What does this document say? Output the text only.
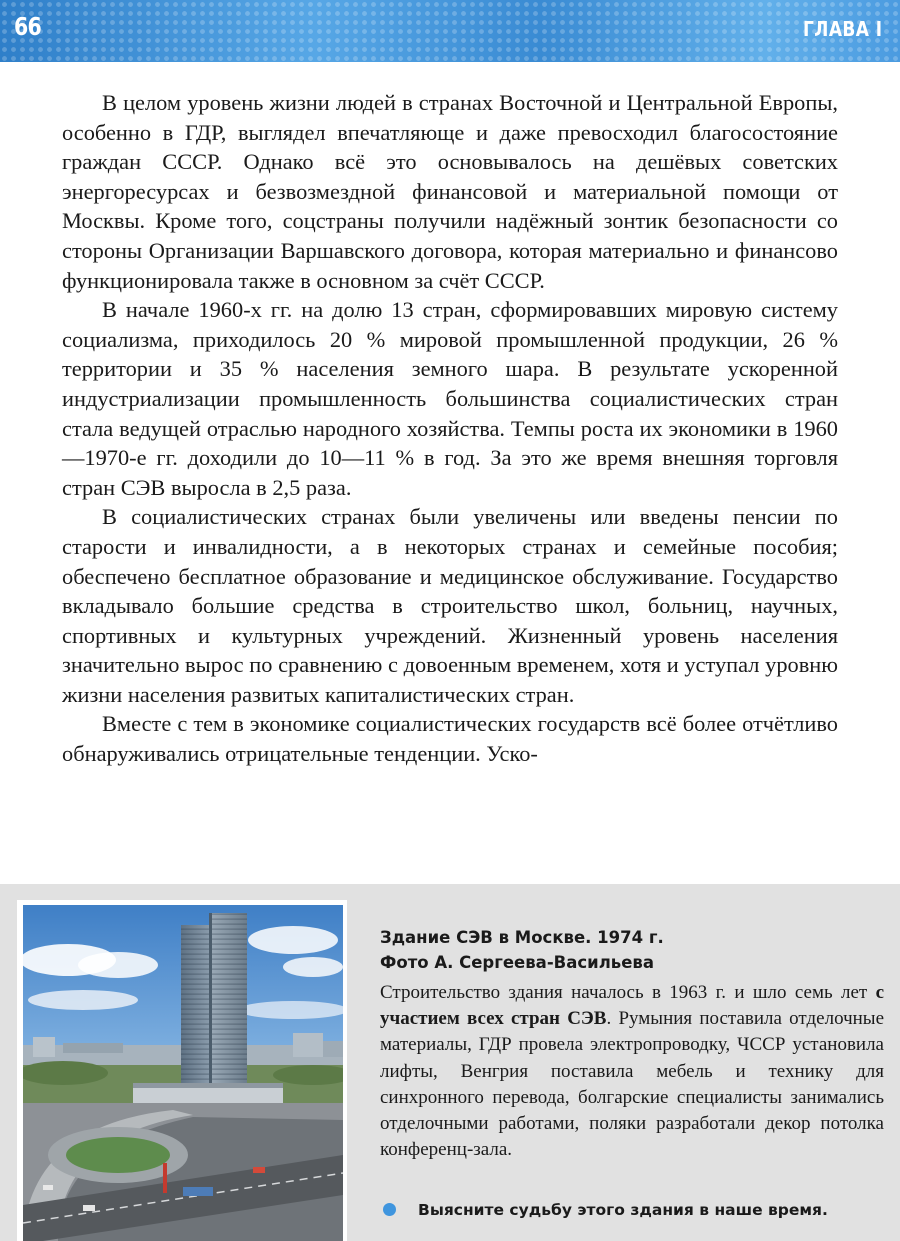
66	ГЛАВА I

В целом уровень жизни людей в странах Восточной и Центральной Европы, особенно в ГДР, выглядел впечатляюще и даже превосходил благосостояние граждан СССР. Однако всё это основывалось на дешёвых советских энергоресурсах и безвозмездной финансовой и материальной помощи от Москвы. Кроме того, соцстраны получили надёжный зонтик безопасности со стороны Организации Варшавского договора, которая материально и финансово функционировала также в основном за счёт СССР.

В начале 1960-х гг. на долю 13 стран, сформировавших мировую систему социализма, приходилось 20 % мировой промышленной продукции, 26 % территории и 35 % населения земного шара. В результате ускоренной индустриализации промышленность большинства социалистических стран стала ведущей отраслью народного хозяйства. Темпы роста их экономики в 1960—1970-е гг. доходили до 10—11 % в год. За это же время внешняя торговля стран СЭВ выросла в 2,5 раза.

В социалистических странах были увеличены или введены пенсии по старости и инвалидности, а в некоторых странах и семейные пособия; обеспечено бесплатное образование и медицинское обслуживание. Государство вкладывало большие средства в строительство школ, больниц, научных, спортивных и культурных учреждений. Жизненный уровень населения значительно вырос по сравнению с довоенным временем, хотя и уступал уровню жизни населения развитых капиталистических стран.

Вместе с тем в экономике социалистических государств всё более отчётливо обнаруживались отрицательные тенденции. Уско-

Здание СЭВ в Москве. 1974 г.
Фото А. Сергеева-Васильева
Строительство здания началось в 1963 г. и шло семь лет с участием всех стран СЭВ. Румыния поставила отделочные материалы, ГДР провела электропроводку, ЧССР установила лифты, Венгрия поставила мебель и технику для синхронного перевода, болгарские специалисты занимались отделочными работами, поляки разработали декор потолка конференц-зала.
Выясните судьбу этого здания в наше время.
